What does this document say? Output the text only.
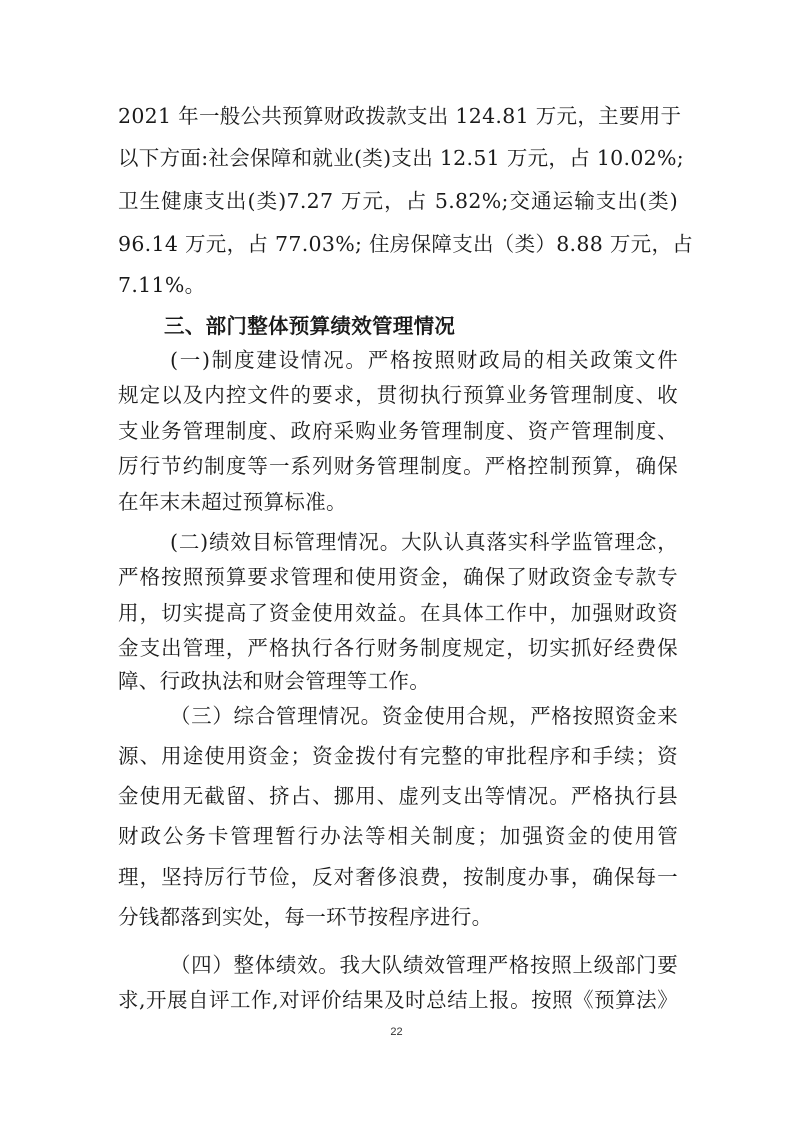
2021 年一般公共预算财政拨款支出 124.81 万元，主要用于
以下方面:社会保障和就业(类)支出 12.51 万元，占 10.02%;
卫生健康支出(类)7.27 万元，占 5.82%;交通运输支出(类)
96.14 万元，占 77.03%; 住房保障支出（类）8.88 万元，占
7.11%。
三、部门整体预算绩效管理情况
(一)制度建设情况。严格按照财政局的相关政策文件
规定以及内控文件的要求，贯彻执行预算业务管理制度、收
支业务管理制度、政府采购业务管理制度、资产管理制度、
厉行节约制度等一系列财务管理制度。严格控制预算，确保
在年末未超过预算标准。
(二)绩效目标管理情况。大队认真落实科学监管理念，
严格按照预算要求管理和使用资金，确保了财政资金专款专
用，切实提高了资金使用效益。在具体工作中，加强财政资
金支出管理，严格执行各行财务制度规定，切实抓好经费保
障、行政执法和财会管理等工作。
（三）综合管理情况。资金使用合规，严格按照资金来
源、用途使用资金；资金拨付有完整的审批程序和手续；资
金使用无截留、挤占、挪用、虚列支出等情况。严格执行县
财政公务卡管理暂行办法等相关制度；加强资金的使用管
理，坚持厉行节俭，反对奢侈浪费，按制度办事，确保每一
分钱都落到实处，每一环节按程序进行。
（四）整体绩效。我大队绩效管理严格按照上级部门要
求,开展自评工作,对评价结果及时总结上报。按照《预算法》
22
